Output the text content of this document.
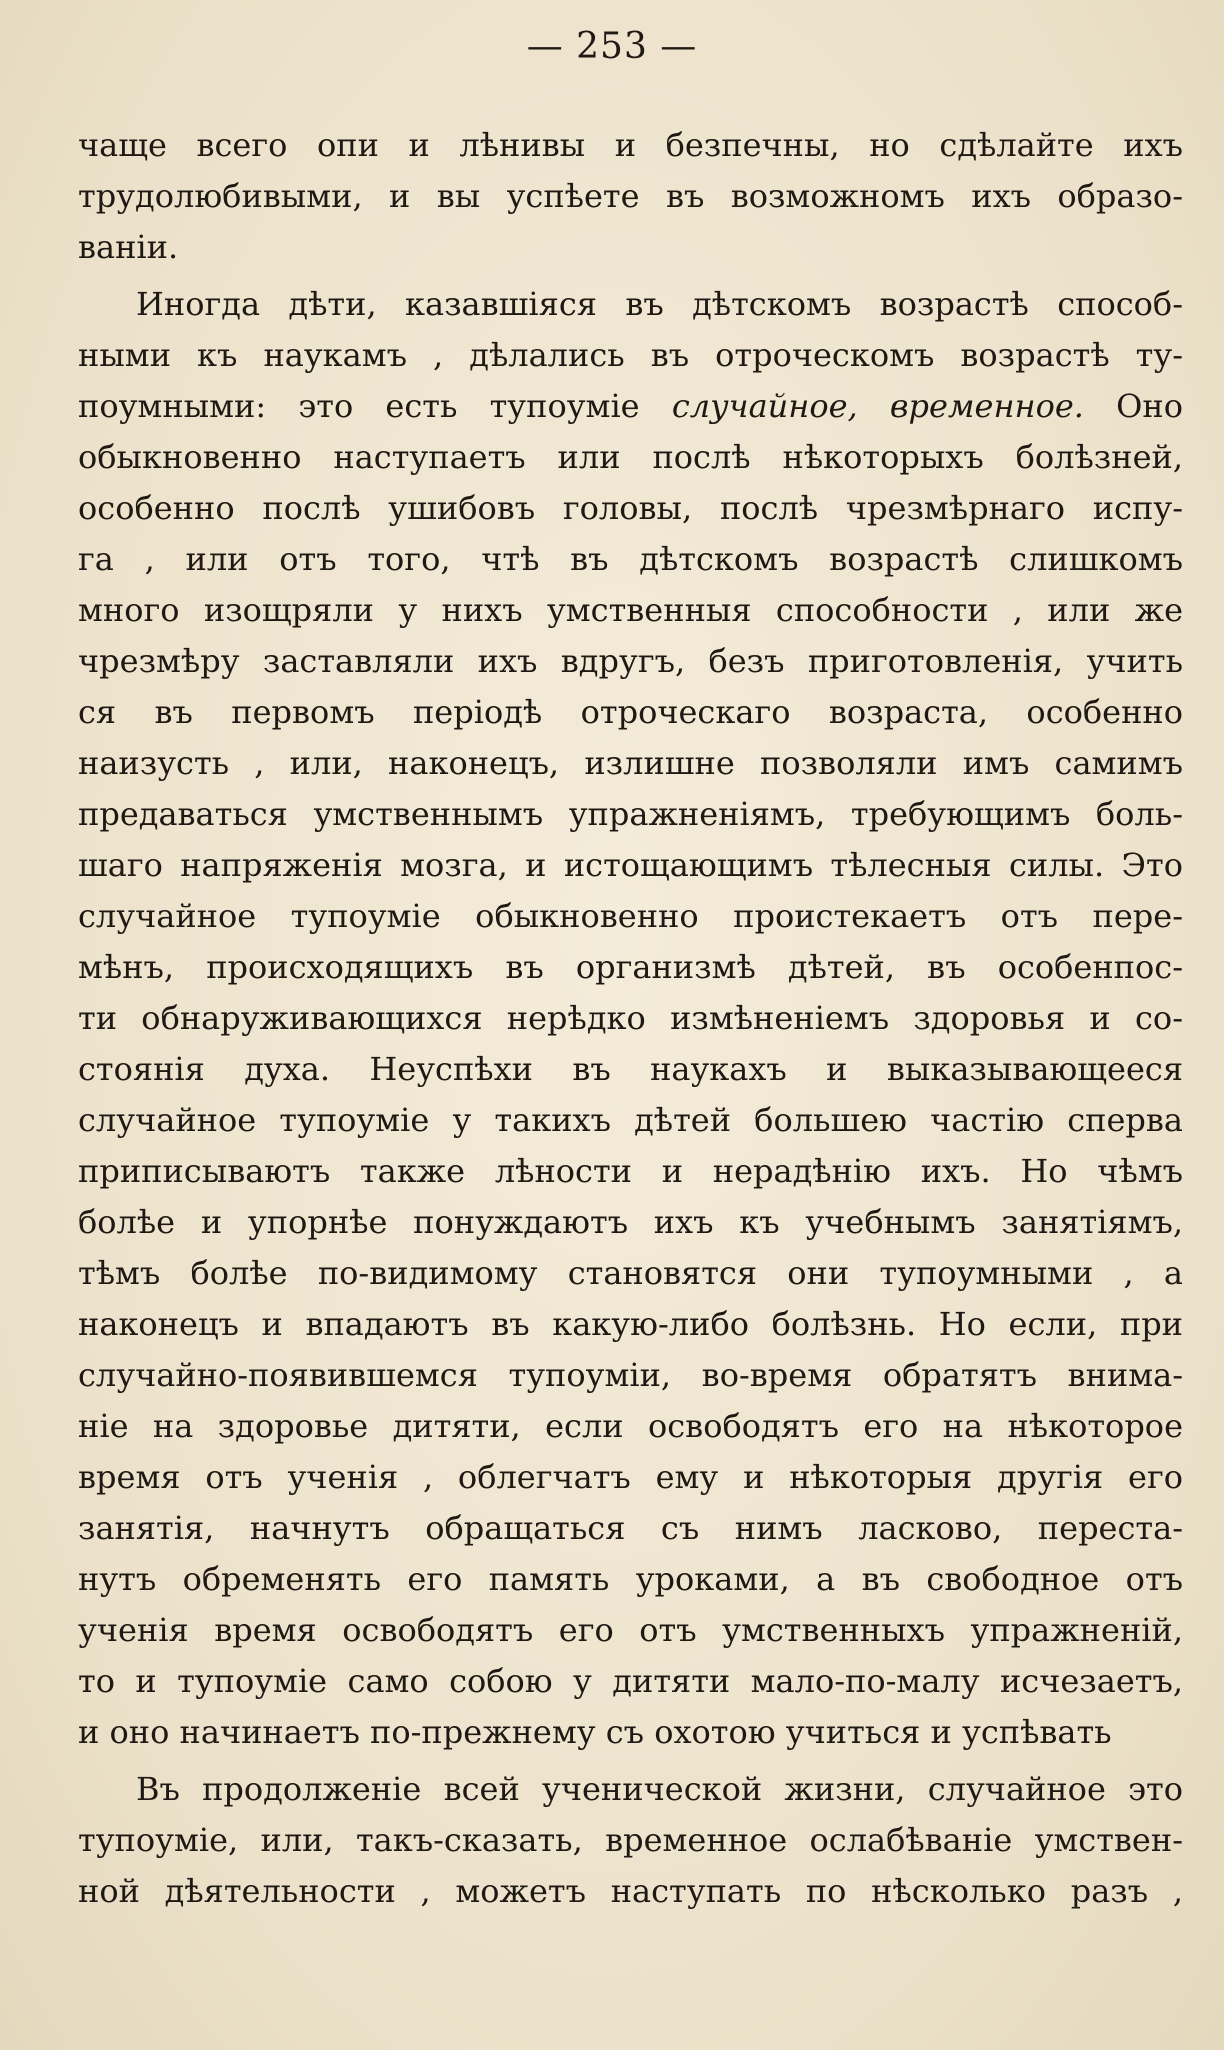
— 253 —
чаще всего опи и лѣнивы и безпечны, но сдѣлайте ихъ
трудолюбивыми, и вы успѣете въ возможномъ ихъ образо-
ваніи.
Иногда дѣти, казавшіяся въ дѣтскомъ возрастѣ способ-
ными къ наукамъ , дѣлались въ отроческомъ возрастѣ ту-
поумными: это есть тупоуміе случайное, временное. Оно
обыкновенно наступаетъ или послѣ нѣкоторыхъ болѣзней,
особенно послѣ ушибовъ головы, послѣ чрезмѣрнаго испу-
га , или отъ того, чтѣ въ дѣтскомъ возрастѣ слишкомъ
много изощряли у нихъ умственныя способности , или же
чрезмѣру заставляли ихъ вдругъ, безъ приготовленія, учить
ся въ первомъ періодѣ отроческаго возраста, особенно
наизусть , или, наконецъ, излишне позволяли имъ самимъ
предаваться умственнымъ упражненіямъ, требующимъ боль-
шаго напряженія мозга, и истощающимъ тѣлесныя силы. Это
случайное тупоуміе обыкновенно проистекаетъ отъ пере-
мѣнъ, происходящихъ въ организмѣ дѣтей, въ особенпос-
ти обнаруживающихся нерѣдко измѣненіемъ здоровья и со-
стоянія духа. Неуспѣхи въ наукахъ и выказывающееся
случайное тупоуміе у такихъ дѣтей большею частію сперва
приписываютъ также лѣности и нерадѣнію ихъ. Но чѣмъ
болѣе и упорнѣе понуждаютъ ихъ къ учебнымъ занятіямъ,
тѣмъ болѣе по-видимому становятся они тупоумными , а
наконецъ и впадаютъ въ какую-либо болѣзнь. Но если, при
случайно-появившемся тупоуміи, во-время обратятъ внима-
ніе на здоровье дитяти, если освободятъ его на нѣкоторое
время отъ ученія , облегчатъ ему и нѣкоторыя другія его
занятія, начнутъ обращаться съ нимъ ласково, переста-
нутъ обременять его память уроками, а въ свободное отъ
ученія время освободятъ его отъ умственныхъ упражненій,
то и тупоуміе само собою у дитяти мало-по-малу исчезаетъ,
и оно начинаетъ по-прежнему съ охотою учиться и успѣвать
Въ продолженіе всей ученической жизни, случайное это
тупоуміе, или, такъ-сказать, временное ослабѣваніе умствен-
ной дѣятельности , можетъ наступать по нѣсколько разъ ,
